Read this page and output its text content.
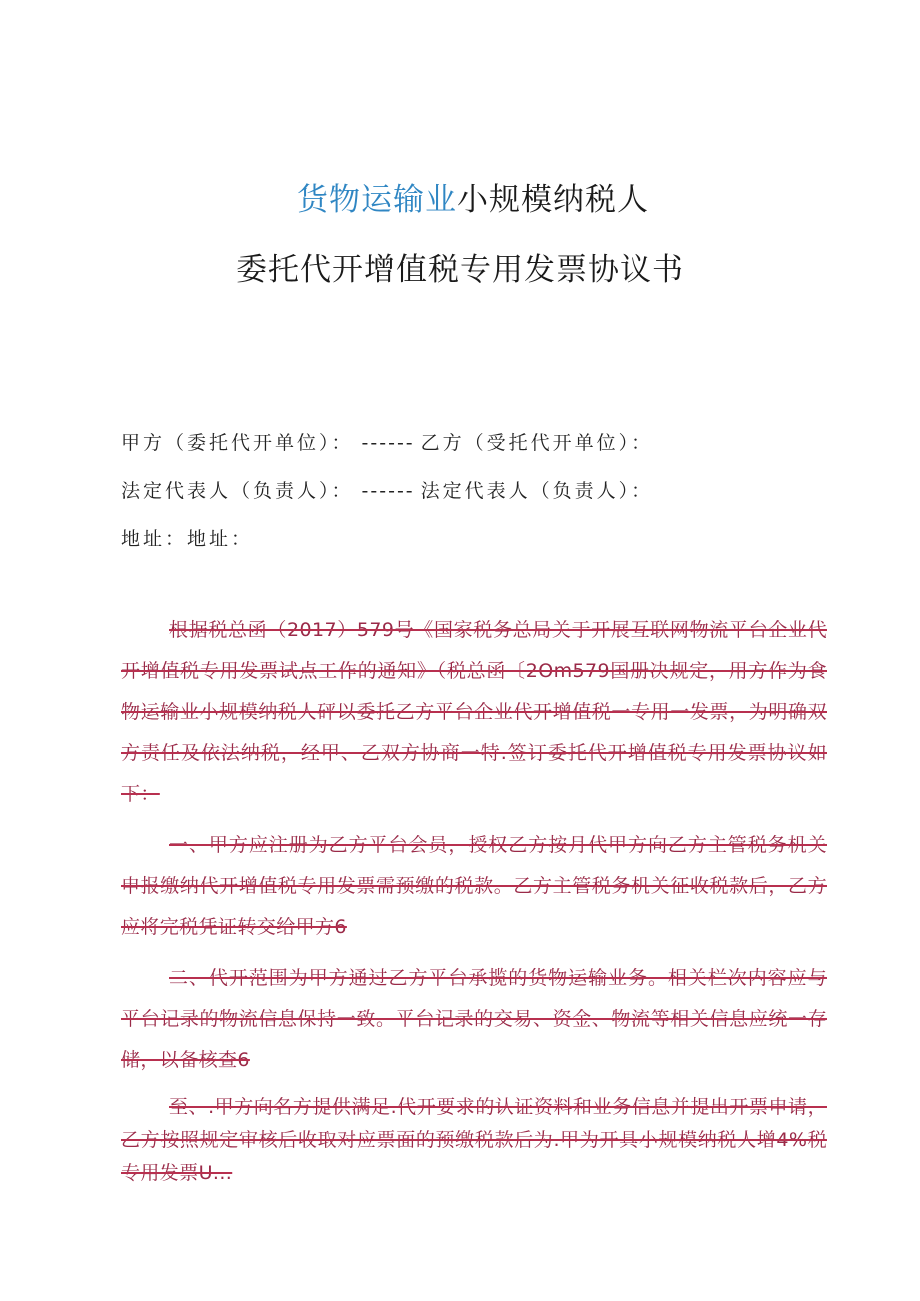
货物运输业小规模纳税人
委托代开增值税专用发票协议书
甲方（委托代开单位）： ------ 乙方（受托代开单位）：
法定代表人（负责人）： ------ 法定代表人（负责人）：
地址：地址：

根据税总函（2017）579号《国家税务总局关于开展互联网物流平台企业代开增值税专用发票试点工作的通知》（税总函〔2Om579国册决规定，用方作为食物运输业小规模纳税人砰以委托乙方平台企业代开增值税一专用一发票，为明确双方责任及依法纳税，经甲、乙双方协商一特.签订委托代开增值税专用发票协议如下：

一、甲方应注册为乙方平台会员，授权乙方按月代甲方向乙方主管税务机关申报缴纳代开增值税专用发票需预缴的税款。乙方主管税务机关征收税款后，乙方应将完税凭证转交给甲方6

二、代开范围为甲方通过乙方平台承揽的货物运输业务。相关栏次内容应与平台记录的物流信息保持一致。平台记录的交易、资金、物流等相关信息应统一存储，以备核查6

至、.甲方向名方提供满足.代开要求的认证资料和业务信息并提出开票申请，乙方按照规定审核后收取对应票面的预缴税款后为.甲为开具小规模纳税人增4%税专用发票U...
